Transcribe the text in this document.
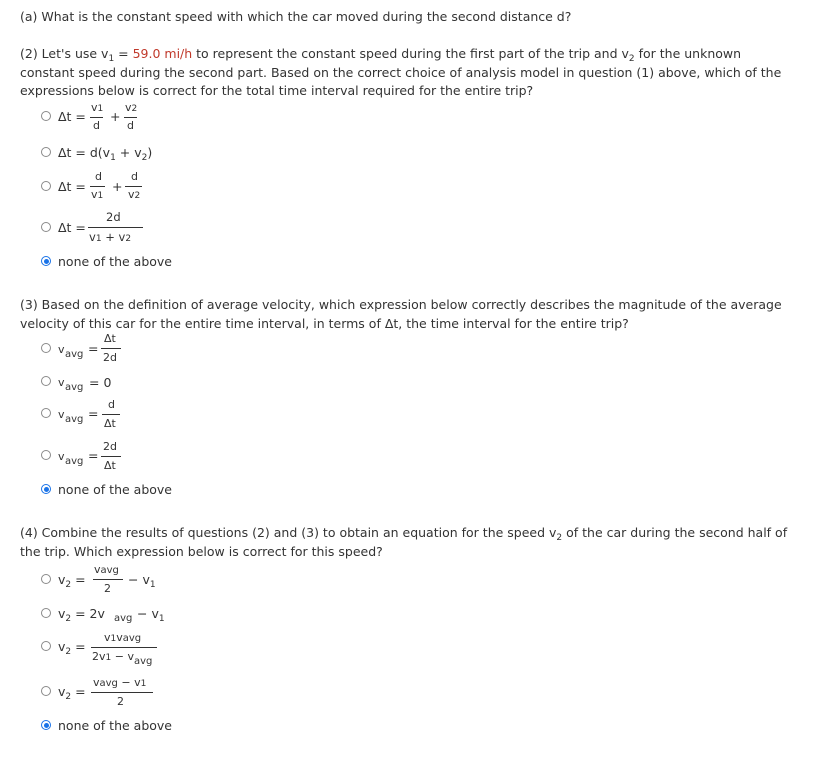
(a) What is the constant speed with which the car moved during the second distance d?
(2) Let's use $v_1 = 59.0$ mi/h to represent the constant speed during the first part of the trip and $v_2$ for the unknown constant speed during the second part. Based on the correct choice of analysis model in question (1) above, which of the expressions below is correct for the total time interval required for the entire trip?
Δt =
v1
d
+
v2
d
$\Delta t = d(v_1 + v_2)$
Δt =
d
v1
+
d
v2
Δt =
2d
v1 + v2
none of the above
(3) Based on the definition of average velocity, which expression below correctly describes the magnitude of the average velocity of this car for the entire time interval, in terms of Δt, the time interval for the entire trip?
v avg =
Δt
2d
v avg = 0
v avg =
d
Δt
v avg =
2d
Δt
none of the above
(4) Combine the results of questions (2) and (3) to obtain an equation for the speed $v_2$ of the car during the second half of the trip. Which expression below is correct for this speed?
$v_2$ =
vavg
2
− $v_1$
$v_2 = 2v$ avg − $v_1$
$v_2$ =
v1vavg
2v1 − vavg
$v_2$ =
vavg − v1
2
none of the above
